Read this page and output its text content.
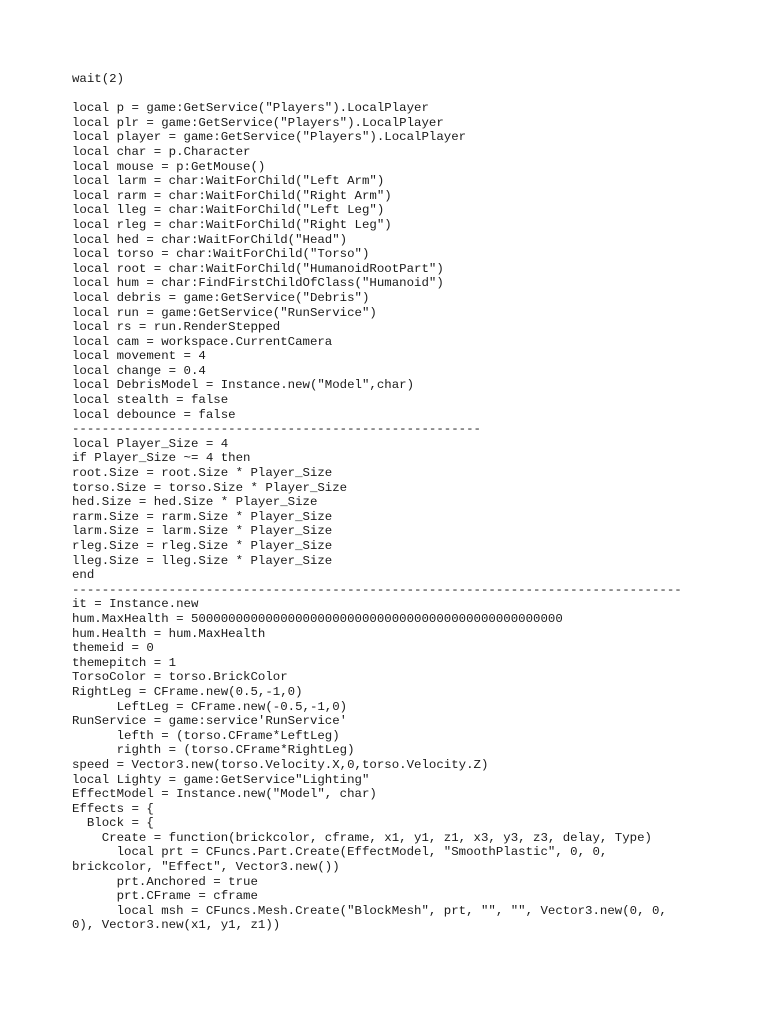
wait(2)
local p = game:GetService("Players").LocalPlayer
local plr = game:GetService("Players").LocalPlayer
local player = game:GetService("Players").LocalPlayer
local char = p.Character
local mouse = p:GetMouse()
local larm = char:WaitForChild("Left Arm")
local rarm = char:WaitForChild("Right Arm")
local lleg = char:WaitForChild("Left Leg")
local rleg = char:WaitForChild("Right Leg")
local hed = char:WaitForChild("Head")
local torso = char:WaitForChild("Torso")
local root = char:WaitForChild("HumanoidRootPart")
local hum = char:FindFirstChildOfClass("Humanoid")
local debris = game:GetService("Debris")
local run = game:GetService("RunService")
local rs = run.RenderStepped
local cam = workspace.CurrentCamera
local movement = 4
local change = 0.4
local DebrisModel = Instance.new("Model",char)
local stealth = false
local debounce = false
-------------------------------------------------------
local Player_Size = 4
if Player_Size ~= 4 then
root.Size = root.Size * Player_Size
torso.Size = torso.Size * Player_Size
hed.Size = hed.Size * Player_Size
rarm.Size = rarm.Size * Player_Size
larm.Size = larm.Size * Player_Size
rleg.Size = rleg.Size * Player_Size
lleg.Size = lleg.Size * Player_Size
end
----------------------------------------------------------------------------------
it = Instance.new
hum.MaxHealth = 50000000000000000000000000000000000000000000000000
hum.Health = hum.MaxHealth
themeid = 0
themepitch = 1
TorsoColor = torso.BrickColor
RightLeg = CFrame.new(0.5,-1,0)
LeftLeg = CFrame.new(-0.5,-1,0)
RunService = game:service'RunService'
lefth = (torso.CFrame*LeftLeg)
righth = (torso.CFrame*RightLeg)
speed = Vector3.new(torso.Velocity.X,0,torso.Velocity.Z)
local Lighty = game:GetService"Lighting"
EffectModel = Instance.new("Model", char)
Effects = {
Block = {
Create = function(brickcolor, cframe, x1, y1, z1, x3, y3, z3, delay, Type)
local prt = CFuncs.Part.Create(EffectModel, "SmoothPlastic", 0, 0,
brickcolor, "Effect", Vector3.new())
prt.Anchored = true
prt.CFrame = cframe
local msh = CFuncs.Mesh.Create("BlockMesh", prt, "", "", Vector3.new(0, 0,
0), Vector3.new(x1, y1, z1))
